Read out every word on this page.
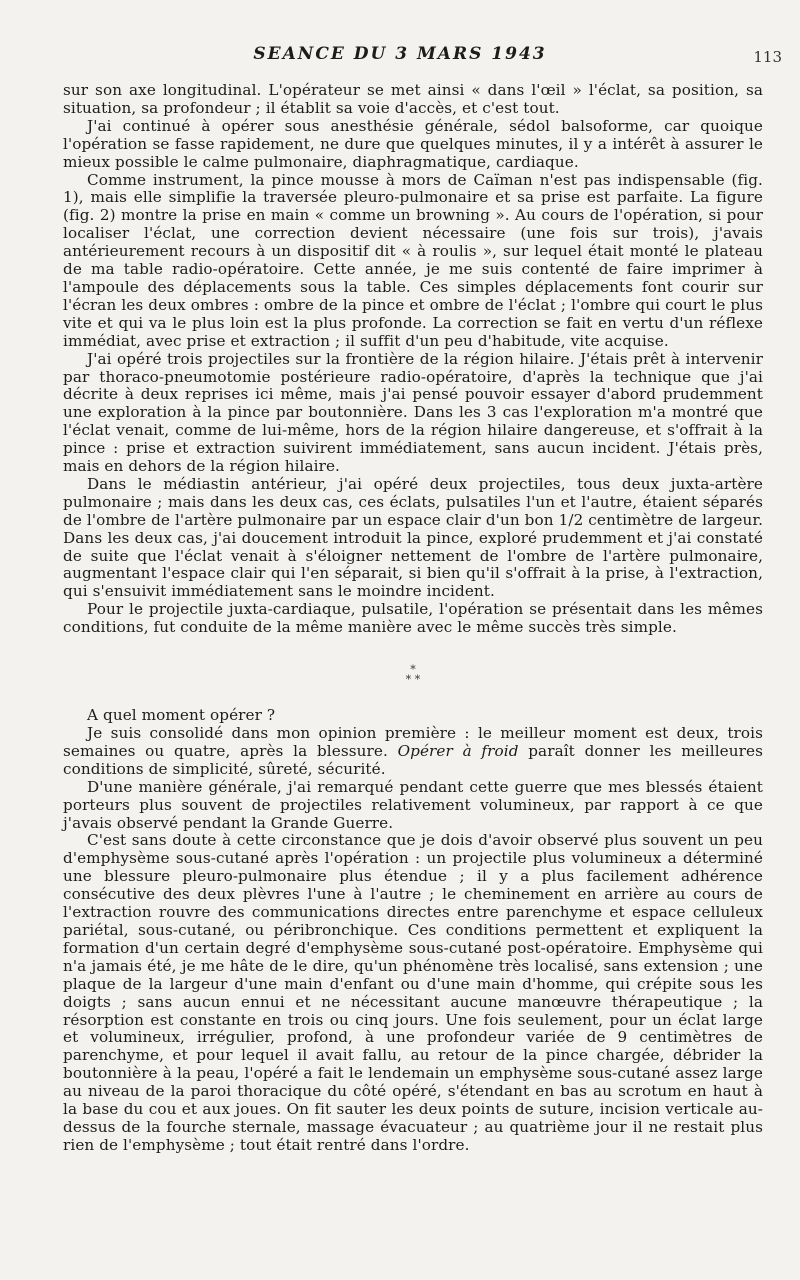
SEANCE DU 3 MARS 1943	113

sur son axe longitudinal. L'opérateur se met ainsi « dans l'œil » l'éclat, sa position, sa situation, sa profondeur ; il établit sa voie d'accès, et c'est tout.

J'ai continué à opérer sous anesthésie générale, sédol balsoforme, car quoique l'opération se fasse rapidement, ne dure que quelques minutes, il y a intérêt à assurer le mieux possible le calme pulmonaire, diaphragmatique, cardiaque.

Comme instrument, la pince mousse à mors de Caïman n'est pas indispensable (fig. 1), mais elle simplifie la traversée pleuro-pulmonaire et sa prise est parfaite. La figure (fig. 2) montre la prise en main « comme un browning ». Au cours de l'opération, si pour localiser l'éclat, une correction devient nécessaire (une fois sur trois), j'avais antérieurement recours à un dispositif dit « à roulis », sur lequel était monté le plateau de ma table radio-opératoire. Cette année, je me suis contenté de faire imprimer à l'ampoule des déplacements sous la table. Ces simples déplacements font courir sur l'écran les deux ombres : ombre de la pince et ombre de l'éclat ; l'ombre qui court le plus vite et qui va le plus loin est la plus profonde. La correction se fait en vertu d'un réflexe immédiat, avec prise et extraction ; il suffit d'un peu d'habitude, vite acquise.

J'ai opéré trois projectiles sur la frontière de la région hilaire. J'étais prêt à intervenir par thoraco-pneumotomie postérieure radio-opératoire, d'après la technique que j'ai décrite à deux reprises ici même, mais j'ai pensé pouvoir essayer d'abord prudemment une exploration à la pince par boutonnière. Dans les 3 cas l'exploration m'a montré que l'éclat venait, comme de lui-même, hors de la région hilaire dangereuse, et s'offrait à la pince : prise et extraction suivirent immédiatement, sans aucun incident. J'étais près, mais en dehors de la région hilaire.

Dans le médiastin antérieur, j'ai opéré deux projectiles, tous deux juxta-artère pulmonaire ; mais dans les deux cas, ces éclats, pulsatiles l'un et l'autre, étaient séparés de l'ombre de l'artère pulmonaire par un espace clair d'un bon 1/2 centimètre de largeur. Dans les deux cas, j'ai doucement introduit la pince, exploré prudemment et j'ai constaté de suite que l'éclat venait à s'éloigner nettement de l'ombre de l'artère pulmonaire, augmentant l'espace clair qui l'en séparait, si bien qu'il s'offrait à la prise, à l'extraction, qui s'ensuivit immédiatement sans le moindre incident.

Pour le projectile juxta-cardiaque, pulsatile, l'opération se présentait dans les mêmes conditions, fut conduite de la même manière avec le même succès très simple.

*
* *

A quel moment opérer ?

Je suis consolidé dans mon opinion première : le meilleur moment est deux, trois semaines ou quatre, après la blessure. Opérer à froid paraît donner les meilleures conditions de simplicité, sûreté, sécurité.

D'une manière générale, j'ai remarqué pendant cette guerre que mes blessés étaient porteurs plus souvent de projectiles relativement volumineux, par rapport à ce que j'avais observé pendant la Grande Guerre.

C'est sans doute à cette circonstance que je dois d'avoir observé plus souvent un peu d'emphysème sous-cutané après l'opération : un projectile plus volumineux a déterminé une blessure pleuro-pulmonaire plus étendue ; il y a plus facilement adhérence consécutive des deux plèvres l'une à l'autre ; le cheminement en arrière au cours de l'extraction rouvre des communications directes entre parenchyme et espace celluleux pariétal, sous-cutané, ou péribronchique. Ces conditions permettent et expliquent la formation d'un certain degré d'emphysème sous-cutané post-opératoire. Emphysème qui n'a jamais été, je me hâte de le dire, qu'un phénomène très localisé, sans extension ; une plaque de la largeur d'une main d'enfant ou d'une main d'homme, qui crépite sous les doigts ; sans aucun ennui et ne nécessitant aucune manœuvre thérapeutique ; la résorption est constante en trois ou cinq jours. Une fois seulement, pour un éclat large et volumineux, irrégulier, profond, à une profondeur variée de 9 centimètres de parenchyme, et pour lequel il avait fallu, au retour de la pince chargée, débrider la boutonnière à la peau, l'opéré a fait le lendemain un emphysème sous-cutané assez large au niveau de la paroi thoracique du côté opéré, s'étendant en bas au scrotum en haut à la base du cou et aux joues. On fit sauter les deux points de suture, incision verticale au-dessus de la fourche sternale, massage évacuateur ; au quatrième jour il ne restait plus rien de l'emphysème ; tout était rentré dans l'ordre.
